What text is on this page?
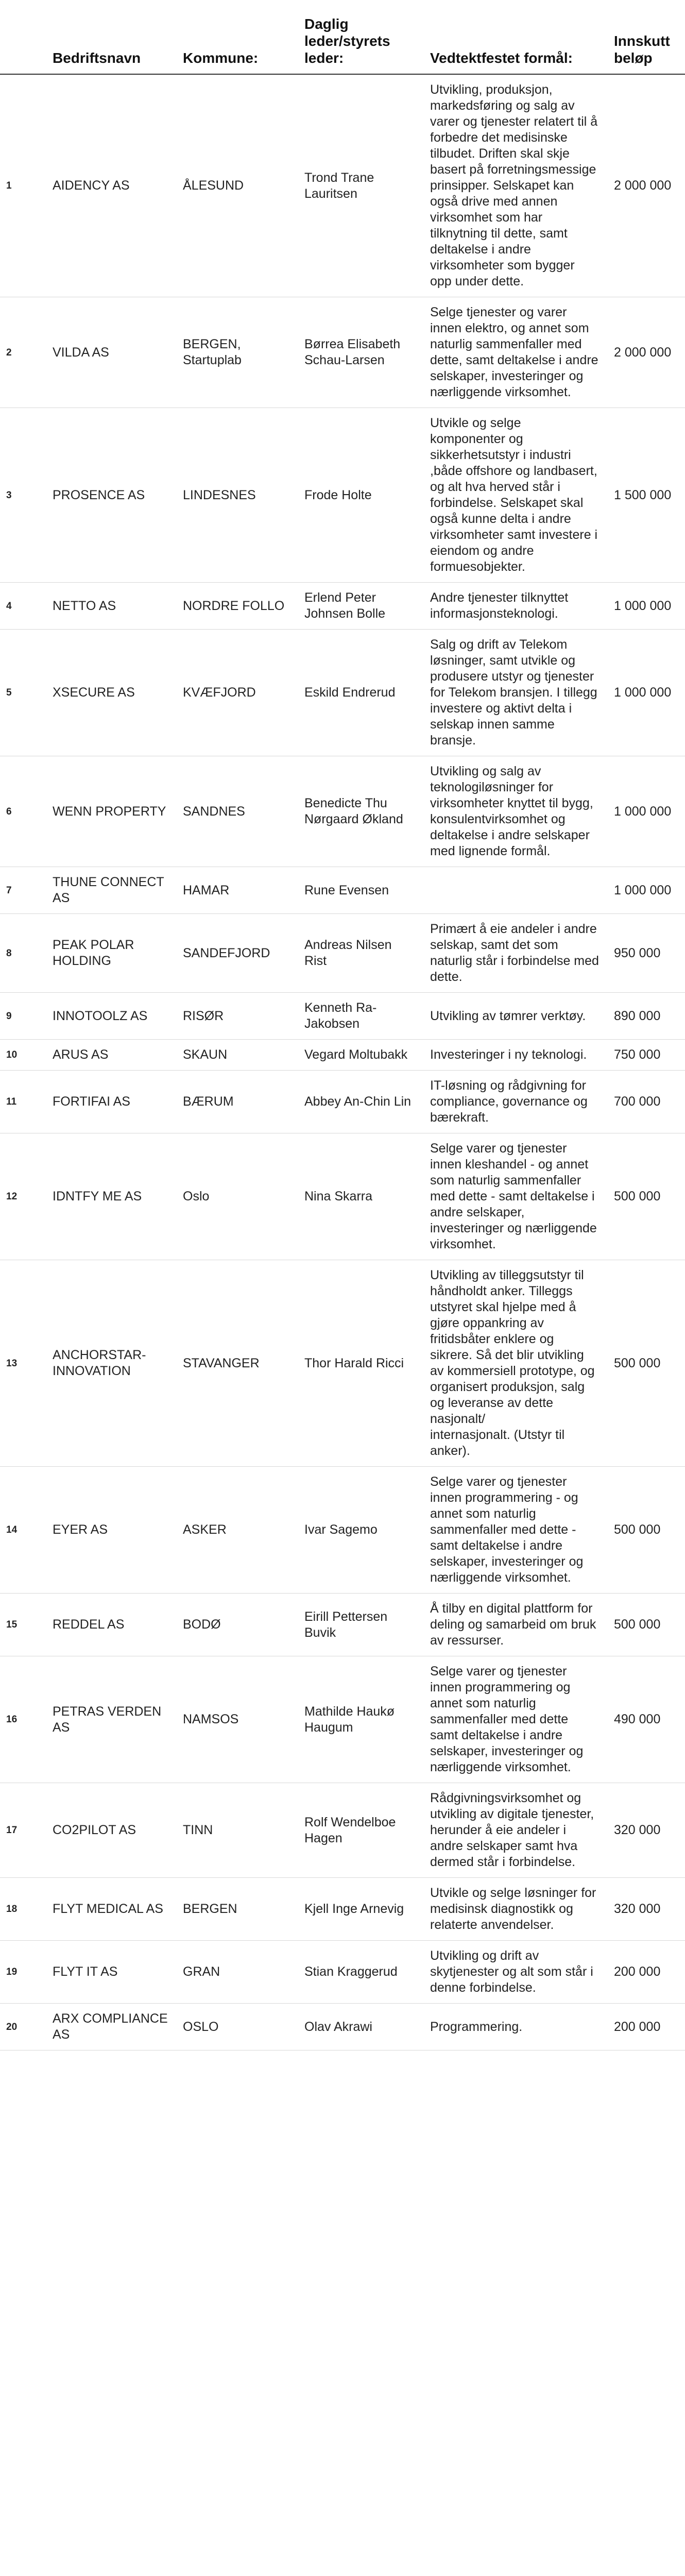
	Bedriftsnavn	Kommune:	Daglig leder/styrets leder:	Vedtektfestet formål:	Innskutt beløp
1	AIDENCY AS	ÅLESUND	Trond Trane Lauritsen	Utvikling, produksjon, markedsføring og salg av varer og tjenester relatert til å forbedre det medisinske tilbudet. Driften skal skje basert på forretningsmessige prinsipper. Selskapet kan også drive med annen virksomhet som har tilknytning til dette, samt deltakelse i andre virksomheter som bygger opp under dette.	2 000 000
2	VILDA AS	BERGEN, Startuplab	Børrea Elisabeth Schau-Larsen	Selge tjenester og varer innen elektro, og annet som naturlig sammenfaller med dette, samt deltakelse i andre selskaper, investeringer og nærliggende virksomhet.	2 000 000
3	PROSENCE AS	LINDESNES	Frode Holte	Utvikle og selge komponenter og sikkerhetsutstyr i industri ,både offshore og landbasert, og alt hva herved står i forbindelse. Selskapet skal også kunne delta i andre virksomheter samt investere i eiendom og andre formuesobjekter.	1 500 000
4	NETTO AS	NORDRE FOLLO	Erlend Peter Johnsen Bolle	Andre tjenester tilknyttet informasjonsteknologi.	1 000 000
5	XSECURE AS	KVÆFJORD	Eskild Endrerud	Salg og drift av Telekom løsninger, samt utvikle og produsere utstyr og tjenester for Telekom bransjen. I tillegg investere og aktivt delta i selskap innen samme bransje.	1 000 000
6	WENN PROPERTY	SANDNES	Benedicte Thu Nørgaard Økland	Utvikling og salg av teknologiløsninger for virksomheter knyttet til bygg, konsulentvirksomhet og deltakelse i andre selskaper med lignende formål.	1 000 000
7	THUNE CONNECT AS	HAMAR	Rune Evensen		1 000 000
8	PEAK POLAR HOLDING	SANDEFJORD	Andreas Nilsen Rist	Primært å eie andeler i andre selskap, samt det som naturlig står i forbindelse med dette.	950 000
9	INNOTOOLZ AS	RISØR	Kenneth Ra-Jakobsen	Utvikling av tømrer verktøy.	890 000
10	ARUS AS	SKAUN	Vegard Moltubakk	Investeringer i ny teknologi.	750 000
11	FORTIFAI AS	BÆRUM	Abbey An-Chin Lin	IT-løsning og rådgivning for compliance, governance og bærekraft.	700 000
12	IDNTFY ME AS	Oslo	Nina Skarra	Selge varer og tjenester innen kleshandel - og annet som naturlig sammenfaller med dette - samt deltakelse i andre selskaper, investeringer og nærliggende virksomhet.	500 000
13	ANCHORSTAR-INNOVATION	STAVANGER	Thor Harald Ricci	Utvikling av tilleggsutstyr til håndholdt anker. Tilleggs utstyret skal hjelpe med å gjøre oppankring av fritidsbåter enklere og sikrere. Så det blir utvikling av kommersiell prototype, og organisert produksjon, salg og leveranse av dette nasjonalt/
internasjonalt. (Utstyr til anker).	500 000
14	EYER AS	ASKER	Ivar Sagemo	Selge varer og tjenester innen programmering - og annet som naturlig sammenfaller med dette - samt deltakelse i andre selskaper, investeringer og nærliggende virksomhet.	500 000
15	REDDEL AS	BODØ	Eirill Pettersen Buvik	Å tilby en digital plattform for deling og samarbeid om bruk av ressurser.	500 000
16	PETRAS VERDEN AS	NAMSOS	Mathilde Haukø Haugum	Selge varer og tjenester innen programmering og annet som naturlig sammenfaller med dette samt deltakelse i andre selskaper, investeringer og nærliggende virksomhet.	490 000
17	CO2PILOT AS	TINN	Rolf Wendelboe Hagen	Rådgivningsvirksomhet og utvikling av digitale tjenester, herunder å eie andeler i andre selskaper samt hva dermed står i forbindelse.	320 000
18	FLYT MEDICAL AS	BERGEN	Kjell Inge Arnevig	Utvikle og selge løsninger for medisinsk diagnostikk og relaterte anvendelser.	320 000
19	FLYT IT AS	GRAN	Stian Kraggerud	Utvikling og drift av skytjenester og alt som står i denne forbindelse.	200 000
20	ARX COMPLIANCE AS	OSLO	Olav Akrawi	Programmering.	200 000
